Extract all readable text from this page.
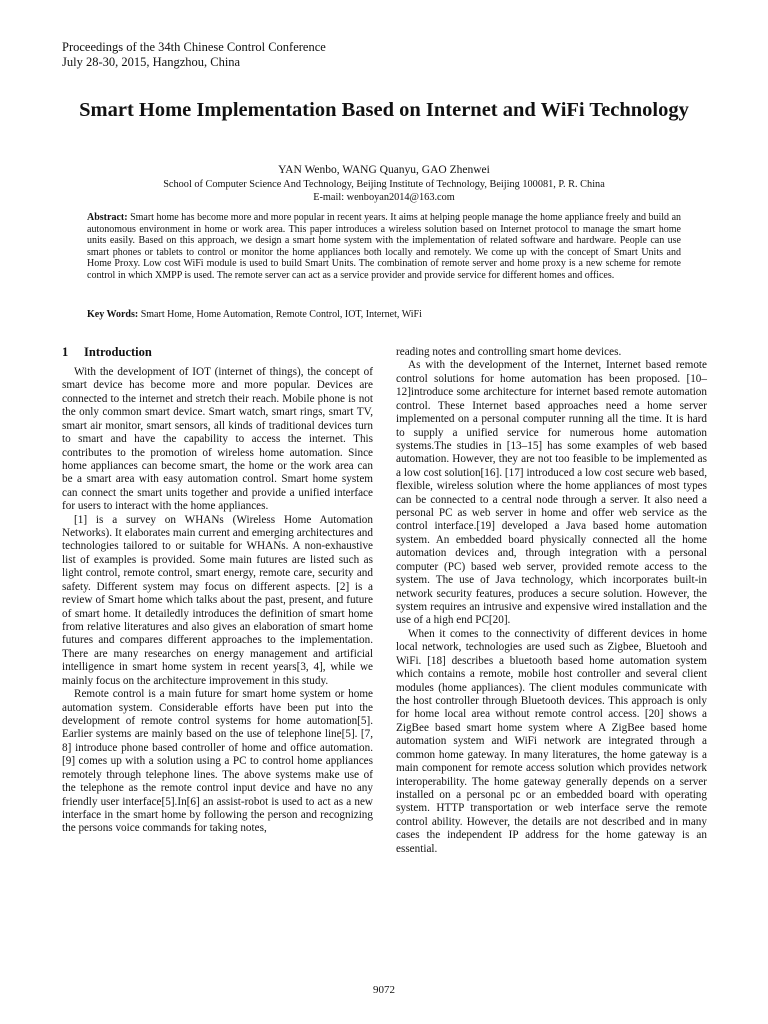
Proceedings of the 34th Chinese Control Conference
July 28-30, 2015, Hangzhou, China
Smart Home Implementation Based on Internet and WiFi Technology
YAN Wenbo, WANG Quanyu, GAO Zhenwei
School of Computer Science And Technology, Beijing Institute of Technology, Beijing 100081, P. R. China
E-mail: wenboyan2014@163.com

Abstract: Smart home has become more and more popular in recent years. It aims at helping people manage the home appliance freely and build an autonomous environment in home or work area. This paper introduces a wireless solution based on Internet protocol to manage the smart home units easily. Based on this approach, we design a smart home system with the implementation of related software and hardware. People can use smart phones or tablets to control or monitor the home appliances both locally and remotely. We come up with the concept of Smart Units and Home Proxy. Low cost WiFi module is used to build Smart Units. The combination of remote server and home proxy is a new scheme for remote control in which XMPP is used. The remote server can act as a service provider and provide service for different homes and offices.

Key Words: Smart Home, Home Automation, Remote Control, IOT, Internet, WiFi

1 Introduction

With the development of IOT (internet of things), the concept of smart device has become more and more popular. Devices are connected to the internet and stretch their reach. Mobile phone is not the only common smart device. Smart watch, smart rings, smart TV, smart air monitor, smart sensors, all kinds of traditional devices turn to smart and have the capability to access the internet. This contributes to the promotion of wireless home automation. Since home appliances can become smart, the home or the work area can be a smart area with easy automation control. Smart home system can connect the smart units together and provide a unified interface for users to interact with the home appliances.

[1] is a survey on WHANs (Wireless Home Automation Networks). It elaborates main current and emerging architectures and technologies tailored to or suitable for WHANs. A non-exhaustive list of examples is provided. Some main futures are listed such as light control, remote control, smart energy, remote care, security and safety. Different system may focus on different aspects. [2] is a review of Smart home which talks about the past, present, and future of smart home. It detailedly introduces the definition of smart home from relative literatures and also gives an elaboration of smart home futures and compares different approaches to the implementation. There are many researches on energy management and artificial intelligence in smart home system in recent years[3, 4], while we mainly focus on the architecture improvement in this study.

Remote control is a main future for smart home system or home automation system. Considerable efforts have been put into the development of remote control systems for home automation[5]. Earlier systems are mainly based on the use of telephone line[5]. [7, 8] introduce phone based controller of home and office automation. [9] comes up with a solution using a PC to control home appliances remotely through telephone lines. The above systems make use of the telephone as the remote control input device and have no any friendly user interface[5].In[6] an assist-robot is used to act as a new interface in the smart home by following the person and recognizing the persons voice commands for taking notes,

reading notes and controlling smart home devices.

As with the development of the Internet, Internet based remote control solutions for home automation has been proposed. [10–12]introduce some architecture for internet based remote automation control. These Internet based approaches need a home server implemented on a personal computer running all the time. It is hard to supply a unified service for numerous home automation systems.The studies in [13–15] has some examples of web based automation. However, they are not too feasible to be implemented as a low cost solution[16]. [17] introduced a low cost secure web based, flexible, wireless solution where the home appliances of most types can be connected to a central node through a server. It also need a personal PC as web server in home and offer web service as the control interface.[19] developed a Java based home automation system. An embedded board physically connected all the home automation devices and, through integration with a personal computer (PC) based web server, provided remote access to the system. The use of Java technology, which incorporates built-in network security features, produces a secure solution. However, the system requires an intrusive and expensive wired installation and the use of a high end PC[20].

When it comes to the connectivity of different devices in home local network, technologies are used such as Zigbee, Bluetooh and WiFi. [18] describes a bluetooth based home automation system which contains a remote, mobile host controller and several client modules (home appliances). The client modules communicate with the host controller through Bluetooth devices. This approach is only for home local area without remote control access. [20] shows a ZigBee based smart home system where A ZigBee based home automation system and WiFi network are integrated through a common home gateway. In many literatures, the home gateway is a main component for remote access solution which provides network interoperability. The home gateway generally depends on a server installed on a personal pc or an embedded board with operating system. HTTP transportation or web interface serve the remote control ability. However, the details are not described and in many cases the independent IP address for the home gateway is an essential.

9072
